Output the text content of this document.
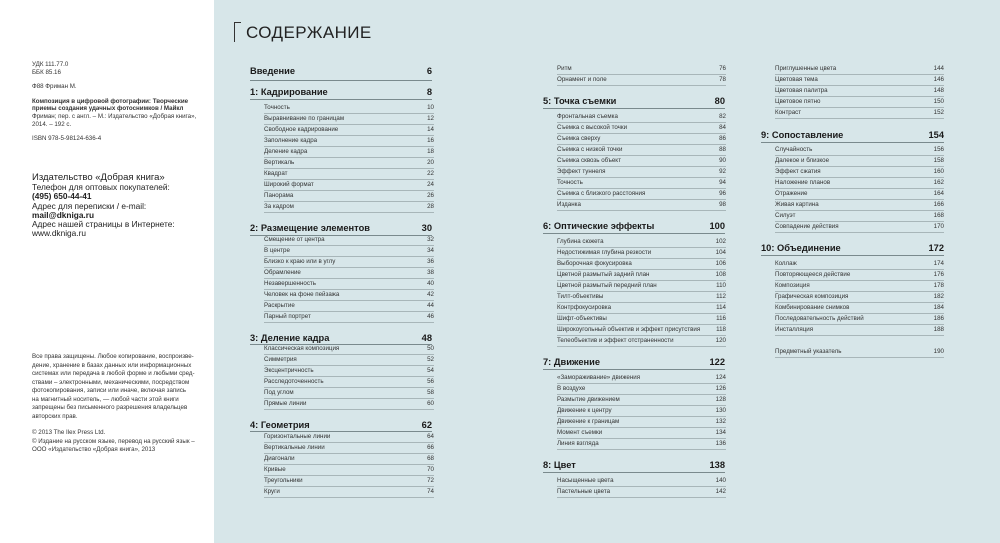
УДК 111.77.0
ББК 85.16
Ф88 Фриман М.
Композиция в цифровой фотографии: Творческие
приемы создания удачных фотоснимков / Майкл
Фриман; пер. с англ. – М.: Издательство «Добрая книга»,
2014. – 192 с.
ISBN 978-5-98124-636-4
Издательство «Добрая книга»
Телефон для оптовых покупателей:
(495) 650-44-41
Адрес для переписки / e-mail:
mail@dkniga.ru
Адрес нашей страницы в Интернете:
www.dkniga.ru
Все права защищены. Любое копирование, воспроизве-
дение, хранение в базах данных или информационных
системах или передача в любой форме и любыми сред-
ствами – электронными, механическими, посредством
фотокопирования, записи или иначе, включая запись
на магнитный носитель, — любой части этой книги
запрещены без письменного разрешения владельцев
авторских прав.
© 2013 The Ilex Press Ltd.
© Издание на русском языке, перевод на русский язык –
ООО «Издательство «Добрая книга», 2013
СОДЕРЖАНИЕ
Введение	6
1: Кадрирование	8
Точность	10
Выравнивание по границам	12
Свободное кадрирование	14
Заполнение кадра	16
Деление кадра	18
Вертикаль	20
Квадрат	22
Широкий формат	24
Панорама	26
За кадром	28
2: Размещение элементов	30
Смещение от центра	32
В центре	34
Близко к краю или в углу	36
Обрамление	38
Незавершенность	40
Человек на фоне пейзажа	42
Раскрытие	44
Парный портрет	46
3: Деление кадра	48
Классическая композиция	50
Симметрия	52
Эксцентричность	54
Расследоточенность	56
Под углом	58
Прямые линии	60
4: Геометрия	62
Горизонтальные линии	64
Вертикальные линии	66
Диагонали	68
Кривые	70
Треугольники	72
Круги	74
Ритм	76
Орнамент и поле	78
5: Точка съемки	80
Фронтальная съемка	82
Съемка с высокой точки	84
Съемка сверху	86
Съемка с низкой точки	88
Съемка сквозь объект	90
Эффект туннеля	92
Точность	94
Съемка с близкого расстояния	96
Изданка	98
6: Оптические эффекты	100
Глубина сюжета	102
Недостижимая глубина резкости	104
Выборочная фокусировка	106
Цветной размытый задний план	108
Цветной размытый передний план	110
Тилт-объективы	112
Контрфокусировка	114
Шифт-объективы	116
Широкоугольный объектив и эффект присутствия	118
Телеобъектив и эффект отстраненности	120
7: Движение	122
«Замораживание» движения	124
В воздухе	126
Размытие движением	128
Движение к центру	130
Движение к границам	132
Момент съемки	134
Линия взгляда	136
8: Цвет	138
Насыщенные цвета	140
Пастельные цвета	142
Приглушенные цвета	144
Цветовая тема	146
Цветовая палитра	148
Цветовое пятно	150
Контраст	152
9: Сопоставление	154
Случайность	156
Далекое и близкое	158
Эффект сжатия	160
Наложение планов	162
Отражение	164
Живая картина	166
Силуэт	168
Совпадение действия	170
10: Объединение	172
Коллаж	174
Повторяющееся действие	176
Композиция	178
Графическая композиция	182
Комбинирование снимков	184
Последовательность действий	186
Инсталляция	188
Предметный указатель	190
